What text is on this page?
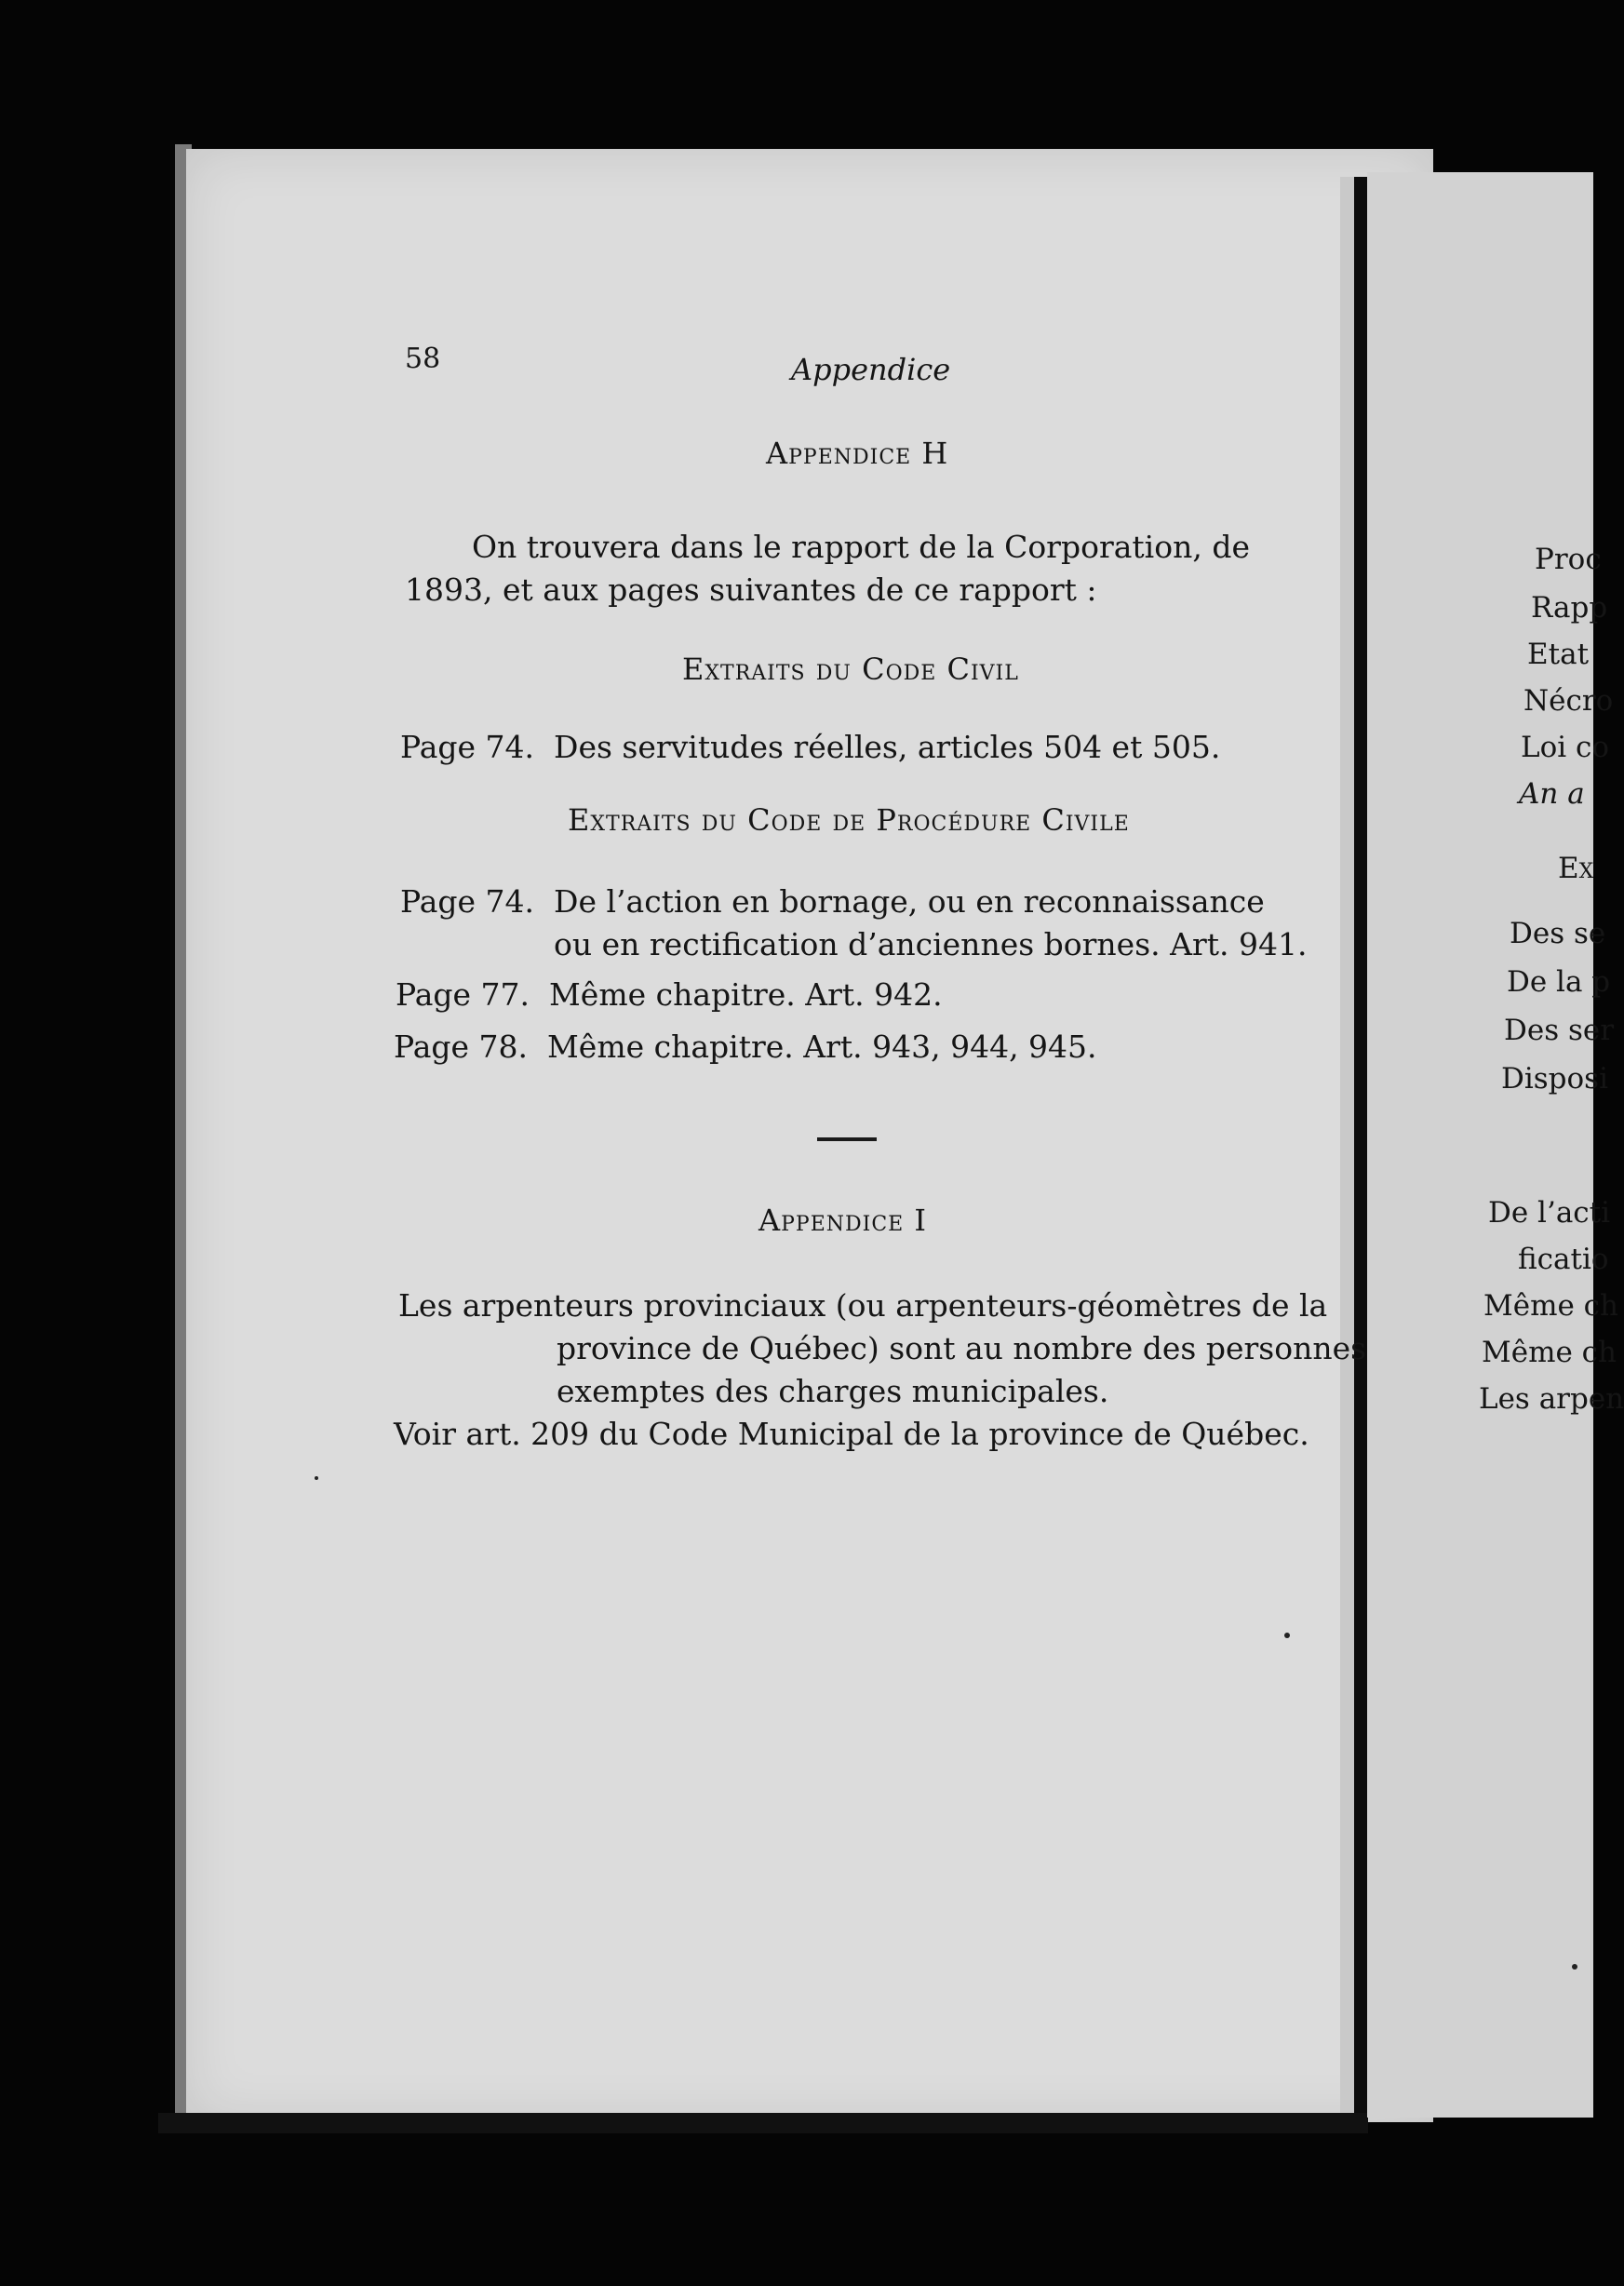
58	Appendice
Appendice H
On trouvera dans le rapport de la Corporation, de 1893, et aux pages suivantes de ce rapport :
Extraits du Code Civil
Page 74. Des servitudes réelles, articles 504 et 505.
Extraits du Code de Procédure Civile
Page 74. De l’action en bornage, ou en reconnaissance ou en rectification d’anciennes bornes. Art. 941.
Page 77. Même chapitre. Art. 942.
Page 78. Même chapitre. Art. 943, 944, 945.
Appendice I
Les arpenteurs provinciaux (ou arpenteurs-géomètres de la province de Québec) sont au nombre des personnes exemptes des charges municipales.
Voir art. 209 du Code Municipal de la province de Québec.
Proc
Rapp
Etat
Nécro
Loi co
An a
Ex
Des se
De la p
Des ser
Disposi
De l’acti
ficatio
Même ch
Même ch
Les arpen
